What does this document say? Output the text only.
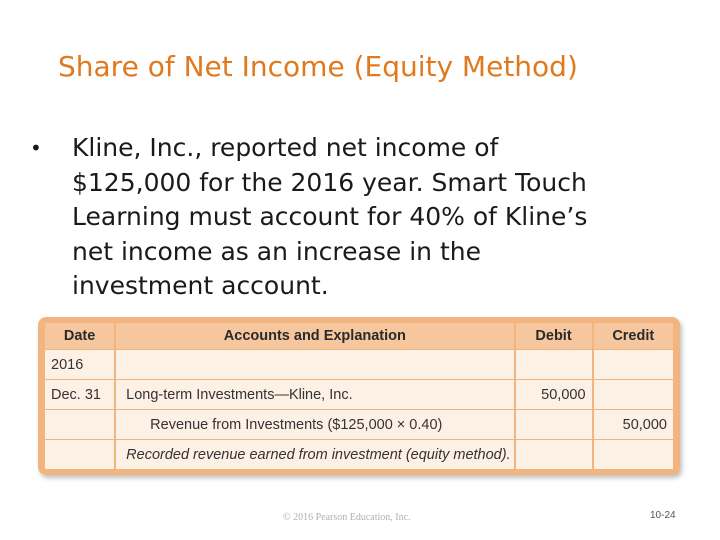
Share of Net Income (Equity Method)
• Kline, Inc., reported net income of
$125,000 for the 2016 year. Smart Touch
Learning must account for 40% of Kline’s
net income as an increase in the
investment account.
Date	Accounts and Explanation	Debit	Credit
2016			
Dec. 31	Long-term Investments—Kline, Inc.	50,000	
	Revenue from Investments ($125,000 × 0.40)		50,000
	Recorded revenue earned from investment (equity method).		
© 2016 Pearson Education, Inc.	10-24
